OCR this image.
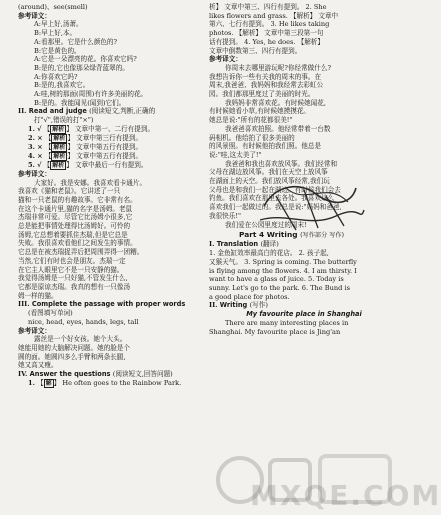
(around)、see(smell)
参考译文：
A:早上好,汤萧。
B:早上好,本。
A:看那里。它是什么颜色的?
B:它是黄色的。
A:它是一朵漂亮的花。你喜欢它吗?
B:是的,它也像那朵绿背蓝翠的。
A:你喜欢它吗?
B:是的,我喜欢它。
A:哇,树的那面(周围)有许多美丽的花。
B:是的。我能闻见(闻到)它们。
II. Read and judge (阅读短文,判断,正确的
打"√",错误的打"×")
1. √ 【 解析 】 文章中第一、二行有提到。
2. × 【 解析 】 文章中第三行有提到。
3. × 【 解析 】 文章中第五行有提到。
4. × 【 解析 】 文章中第五行有提到。
5. √ 【 解析 】 文章中最后一行有提到。
参考译文：
大家好。我是安娜。我喜欢看卡通片。
我喜欢《猫和老鼠》。它讲述了一只
猫和一只老鼠的有趣故事。它非常有名。
在这个卡通片里,猫的名字是汤姆。老鼠
杰瑞非常可爱。尽管它比汤姆小很多,它
总是能把事情处理得比汤姆好。可怜的
汤姆,它总想着要抓住杰瑞,但是它总是
失败。我很喜欢看他们之间发生的事情。
它总是在被杰瑞捉弄后把周围弄得一团糟。
当然,它们有时也会是朋友。杰瑞一定
在它主人眼里它不是一只安静的猫。
我觉得汤姆是一只好猫,不管发生什么,
它都是原谅杰瑞。我真的想有一只像汤
姆一样的猫。
III. Complete the passage with proper words
(看图填写单词)
nice, head, eyes, hands, legs, tall
参考译文：
露丝是一个好女孩。她个大头。
她能用她的大脑解决问题。她的脸是个
圆的面。她圆四多么手臂和两条长腿,
她又高又瘦。
IV. Answer the questions (阅读短文,回答问题)
1. 【 解 】 He often goes to the Rainbow Park.
析】 文章中第三、四行有提到。 2. She
likes flowers and grass. 【解析】 文章中
第六、七行有提到。 3. He likes taking
photos. 【解析】 文章中第三段第一句
话有提到。 4. Yes, he does. 【解析】
文章中倒数第三、四行有提到。
参考译文：
你周末去哪里游玩呢?你经常做什么?
我想告诉你一些有关我的周末的事。在
周末,我爸爸、我妈妈和我经常去彩虹公
园。我们都那里度过了美丽的时光。
我妈妈非常喜欢花。有时候她闻花,
有时候她看小草,有时候她摸摸花。
她总是说:"所有的花都很美!"
我爸爸喜欢拍照。他经常带着一台数
码相机。他给拍了很多美丽的
的风景照。有时候他拍我们照。他总是
说:"哇,这太美了!"
我爸爸和我也喜欢放风筝。我们经常和
父母在湖边放风筝。我们在天空上放风筝
在湖面上的天空。我们放风筝经常,我们玩
父母也是和我们一起在湖边。有时候我们会去
钓鱼。我们喜欢在那里去各处。我喜欢这么
喜欢我们一起做过的。我总是说:"妈妈和爸爸,
我很快乐!"
我们爱在公园里度过的周末!
Part 4 Writing (写作部分 写作)
I. Translation (翻译)
1. 金鱼缸效率最高白的花店。 2. 孩子起,
又猴天气。 3. Spring is coming. The butterfly
is flying among the flowers. 4. I am thirsty. I
want to have a glass of juice. 5. Today is
sunny. Let's go to the park. 6. The Bund is
a good place for photos.
II. Writing (写作)
My favourite place in Shanghai
There are many interesting places in
Shanghai. My favourite place is Jing'an
MXQE.COM
